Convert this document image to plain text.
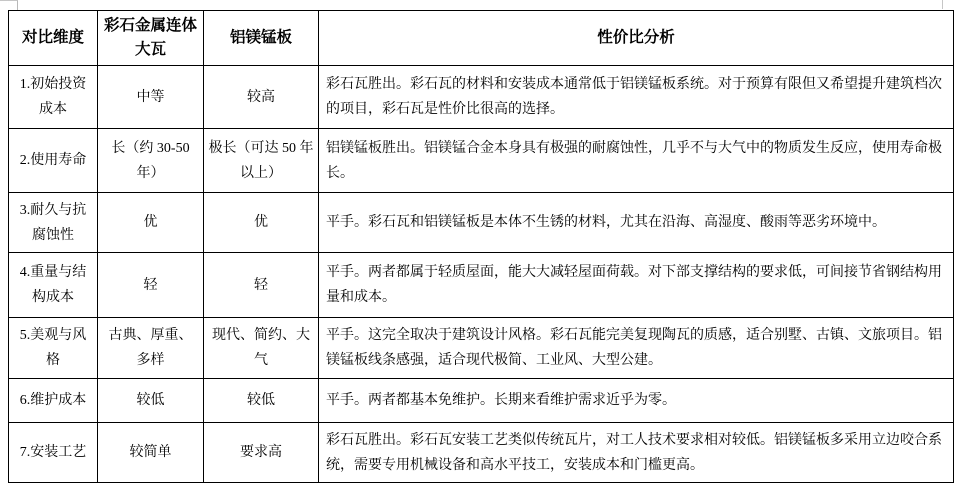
对比维度	彩石金属连体大瓦	铝镁锰板	性价比分析
1.初始投资成本	中等	较高	彩石瓦胜出。彩石瓦的材料和安装成本通常低于铝镁锰板系统。对于预算有限但又希望提升建筑档次的项目，彩石瓦是性价比很高的选择。
2.使用寿命	长（约 30-50 年）	极长（可达 50 年以上）	铝镁锰板胜出。铝镁锰合金本身具有极强的耐腐蚀性，几乎不与大气中的物质发生反应，使用寿命极长。
3.耐久与抗腐蚀性	优	优	平手。彩石瓦和铝镁锰板是本体不生锈的材料，尤其在沿海、高湿度、酸雨等恶劣环境中。
4.重量与结构成本	轻	轻	平手。两者都属于轻质屋面，能大大减轻屋面荷载。对下部支撑结构的要求低，可间接节省钢结构用量和成本。
5.美观与风格	古典、厚重、多样	现代、简约、大气	平手。这完全取决于建筑设计风格。彩石瓦能完美复现陶瓦的质感，适合别墅、古镇、文旅项目。铝镁锰板线条感强，适合现代极简、工业风、大型公建。
6.维护成本	较低	较低	平手。两者都基本免维护。长期来看维护需求近乎为零。
7.安装工艺	较简单	要求高	彩石瓦胜出。彩石瓦安装工艺类似传统瓦片，对工人技术要求相对较低。铝镁锰板多采用立边咬合系统，需要专用机械设备和高水平技工，安装成本和门槛更高。
